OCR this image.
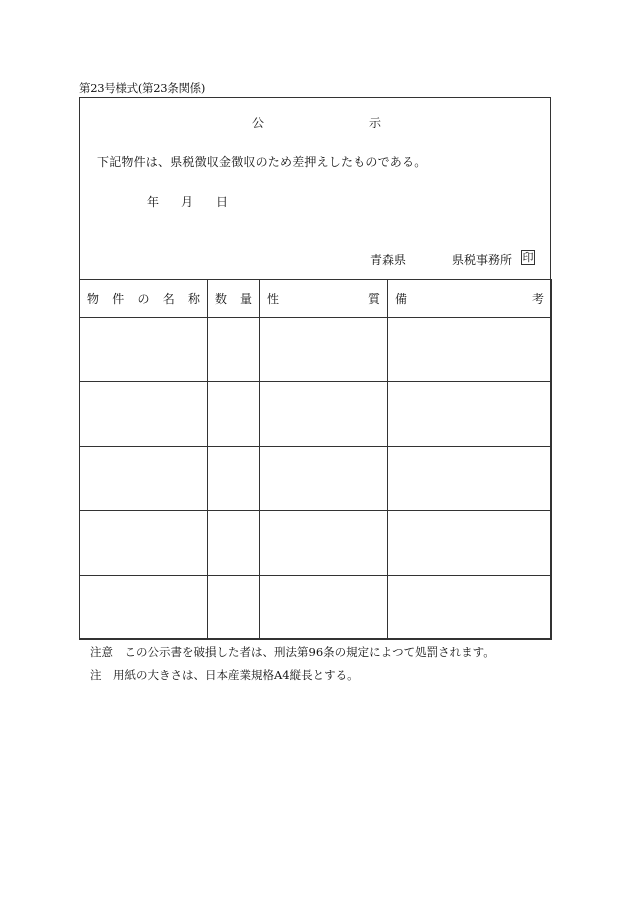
第23号様式(第23条関係)
公	示
下記物件は、県税徴収金徴収のため差押えしたものである。
年 月 日
青森県	県税事務所 印
物 件 の 名 称	数 量	性 質	備 考

注意　この公示書を破損した者は、刑法第96条の規定によつて処罰されます。
注　用紙の大きさは、日本産業規格A4縦長とする。
